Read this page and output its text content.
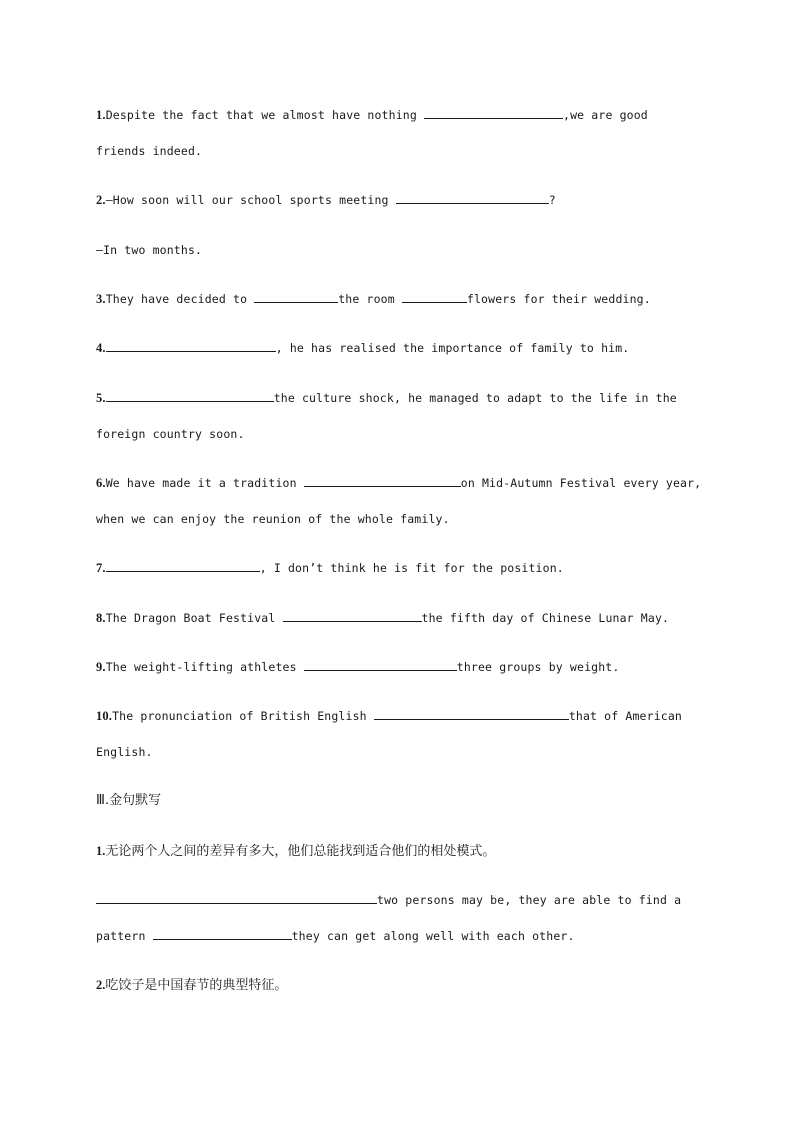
1.Despite the fact that we almost have nothing	,we are good
friends indeed.
2.—How soon will our school sports meeting	?
—In two months.
3.They have decided to	the room	flowers for their wedding.
4.	, he has realised the importance of family to him.
5.	the culture shock, he managed to adapt to the life in the
foreign country soon.
6.We have made it a tradition	on Mid-Autumn Festival every year,
when we can enjoy the reunion of the whole family.
7.	, I don’t think he is fit for the position.
8.The Dragon Boat Festival	the fifth day of Chinese Lunar May.
9.The weight-lifting athletes	three groups by weight.
10.The pronunciation of British English	that of American
English.
Ⅲ.金句默写
1.无论两个人之间的差异有多大，他们总能找到适合他们的相处模式。
two persons may be, they are able to find a
pattern	they can get along well with each other.
2.吃饺子是中国春节的典型特征。
